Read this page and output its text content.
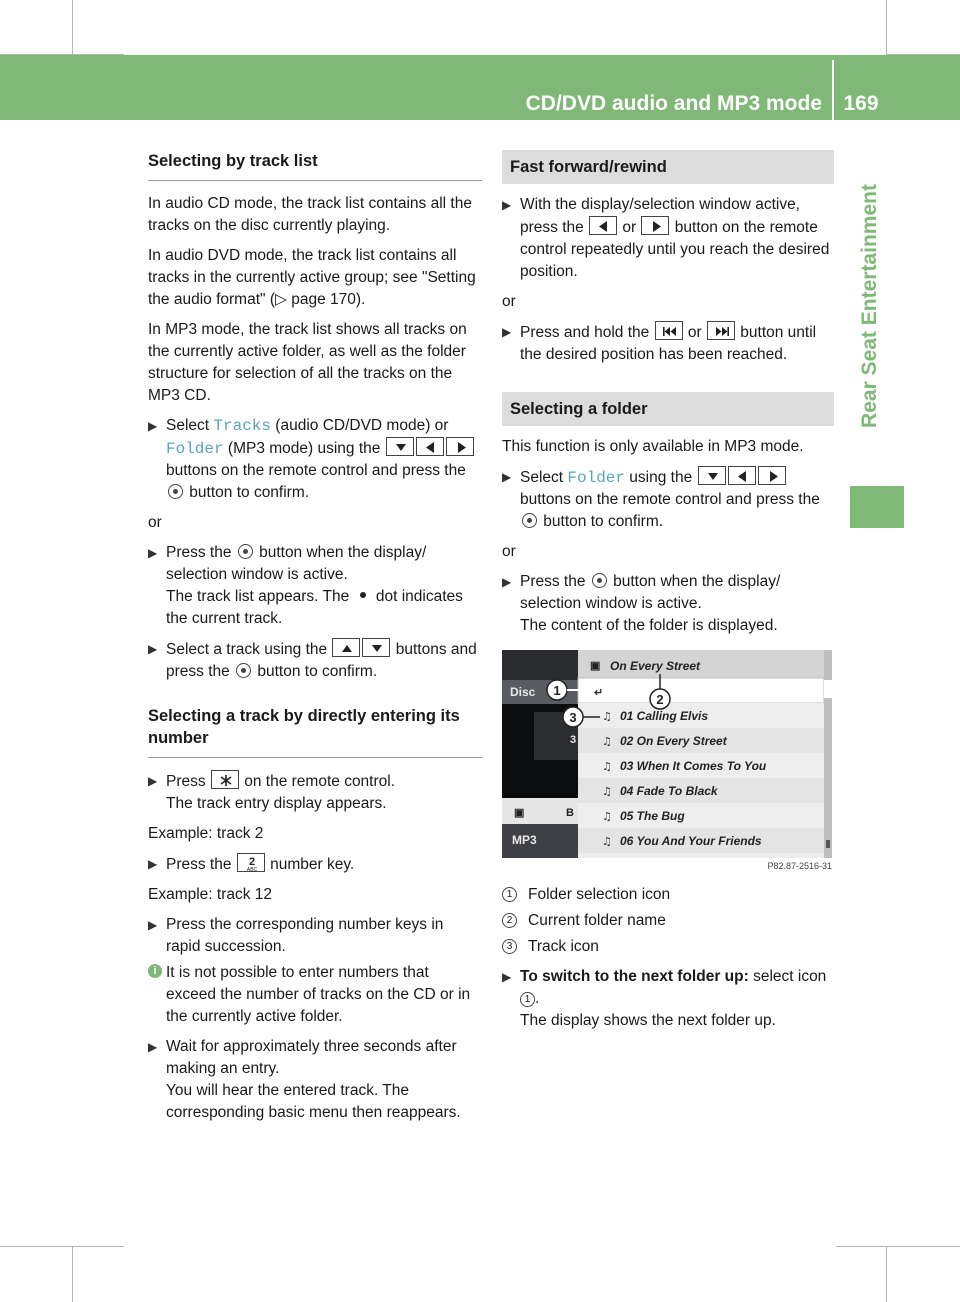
CD/DVD audio and MP3 mode 169
Rear Seat Entertainment
Selecting by track list

In audio CD mode, the track list contains all the tracks on the disc currently playing.

In audio DVD mode, the track list contains all tracks in the currently active group; see "Setting the audio format" (▷ page 170).

In MP3 mode, the track list shows all tracks on the currently active folder, as well as the folder structure for selection of all the tracks on the MP3 CD.

▶ Select Tracks (audio CD/DVD mode) or Folder (MP3 mode) using the
buttons on the remote control and press the  button to confirm.
or
▶ Press the  button when the display/ selection window is active.
The track list appears. The  dot indicates the current track.
▶ Select a track using the	buttons and press the  button to confirm.
Selecting a track by directly entering its number
▶ Press
on the remote control.
The track entry display appears.
Example: track 2
▶ Press the 2
ABC number key.
Example: track 12
▶ Press the corresponding number keys in rapid succession.
i It is not possible to enter numbers that exceed the number of tracks on the CD or in the currently active folder.
▶ Wait for approximately three seconds after making an entry.
You will hear the entered track. The corresponding basic menu then reappears.
Fast forward/rewind
▶ With the display/selection window active, press the
or
button on the remote control repeatedly until you reach the desired position.
or
▶ Press and hold the
or
button until the desired position has been reached.
Selecting a folder

This function is only available in MP3 mode.

▶ Select Folder using the
buttons on the remote control and press the  button to confirm.
or
▶ Press the  button when the display/ selection window is active.
The content of the folder is displayed.
Disc
3
▣	B
MP3
▣ On Every Street
↵
♫ 01 Calling Elvis
♫ 02 On Every Street
♫ 03 When It Comes To You
♫ 04 Fade To Black
♫ 05 The Bug
♫ 06 You And Your Friends
1
2
3
P82.87-2516-31
1	Folder selection icon
2	Current folder name
3	Track icon
▶ To switch to the next folder up: select icon 1 .
The display shows the next folder up.
